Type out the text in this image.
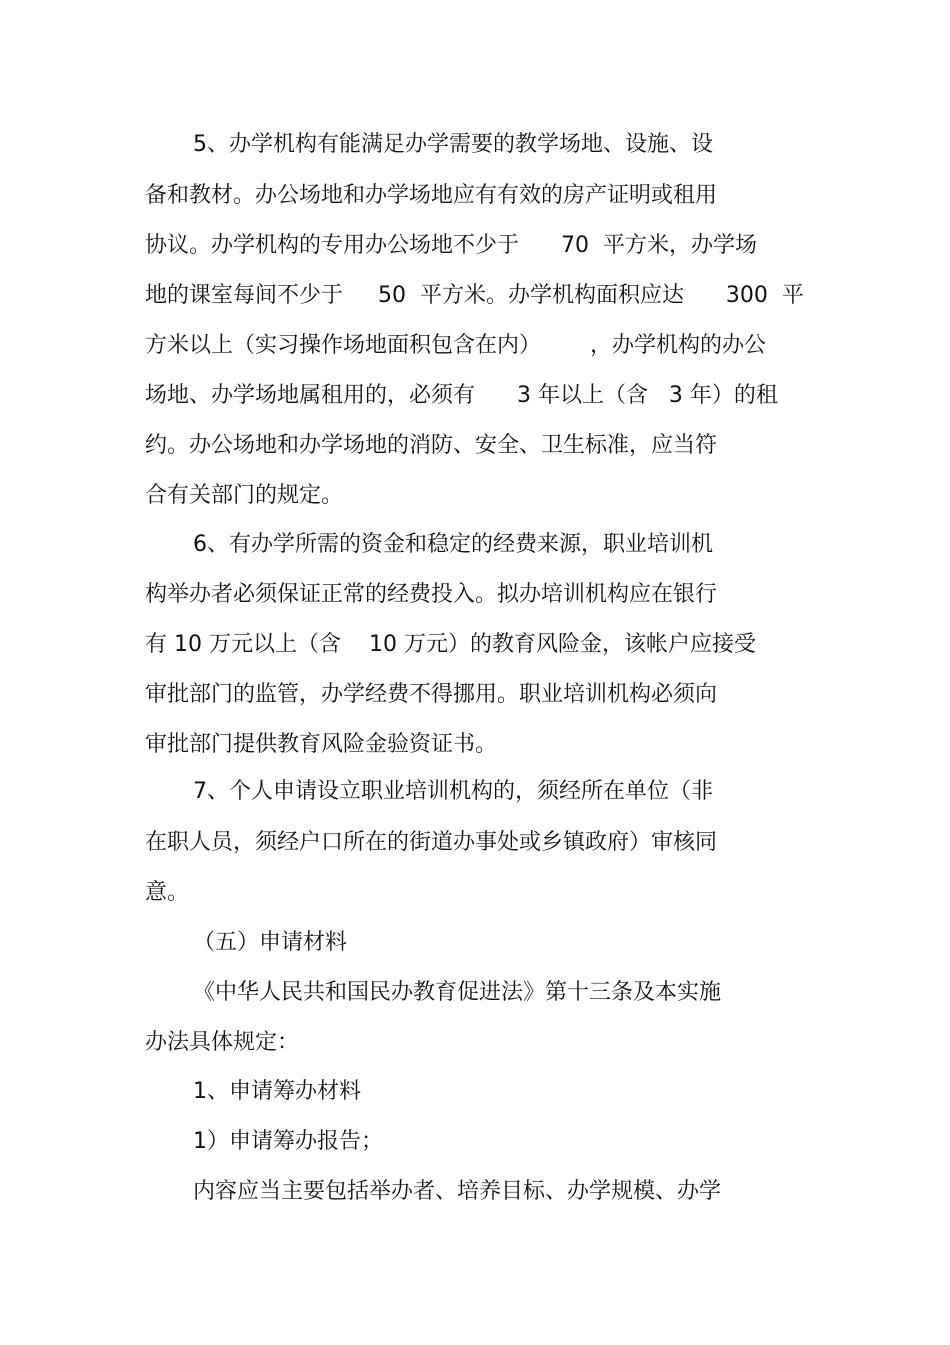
5、办学机构有能满足办学需要的教学场地、设施、设
备和教材。办公场地和办学场地应有有效的房产证明或租用
协议。办学机构的专用办公场地不少于      70  平方米，办学场
地的课室每间不少于     50  平方米。办学机构面积应达      300  平
方米以上（实习操作场地面积包含在内）       ，办学机构的办公
场地、办学场地属租用的，必须有      3 年以上（含   3 年）的租
约。办公场地和办学场地的消防、安全、卫生标准，应当符
合有关部门的规定。
6、有办学所需的资金和稳定的经费来源，职业培训机
构举办者必须保证正常的经费投入。拟办培训机构应在银行
有 10 万元以上（含    10 万元）的教育风险金，该帐户应接受
审批部门的监管，办学经费不得挪用。职业培训机构必须向
审批部门提供教育风险金验资证书。
7、个人申请设立职业培训机构的，须经所在单位（非
在职人员，须经户口所在的街道办事处或乡镇政府）审核同
意。
（五）申请材料
《中华人民共和国民办教育促进法》第十三条及本实施
办法具体规定：
1、申请筹办材料
1）申请筹办报告；
内容应当主要包括举办者、培养目标、办学规模、办学
